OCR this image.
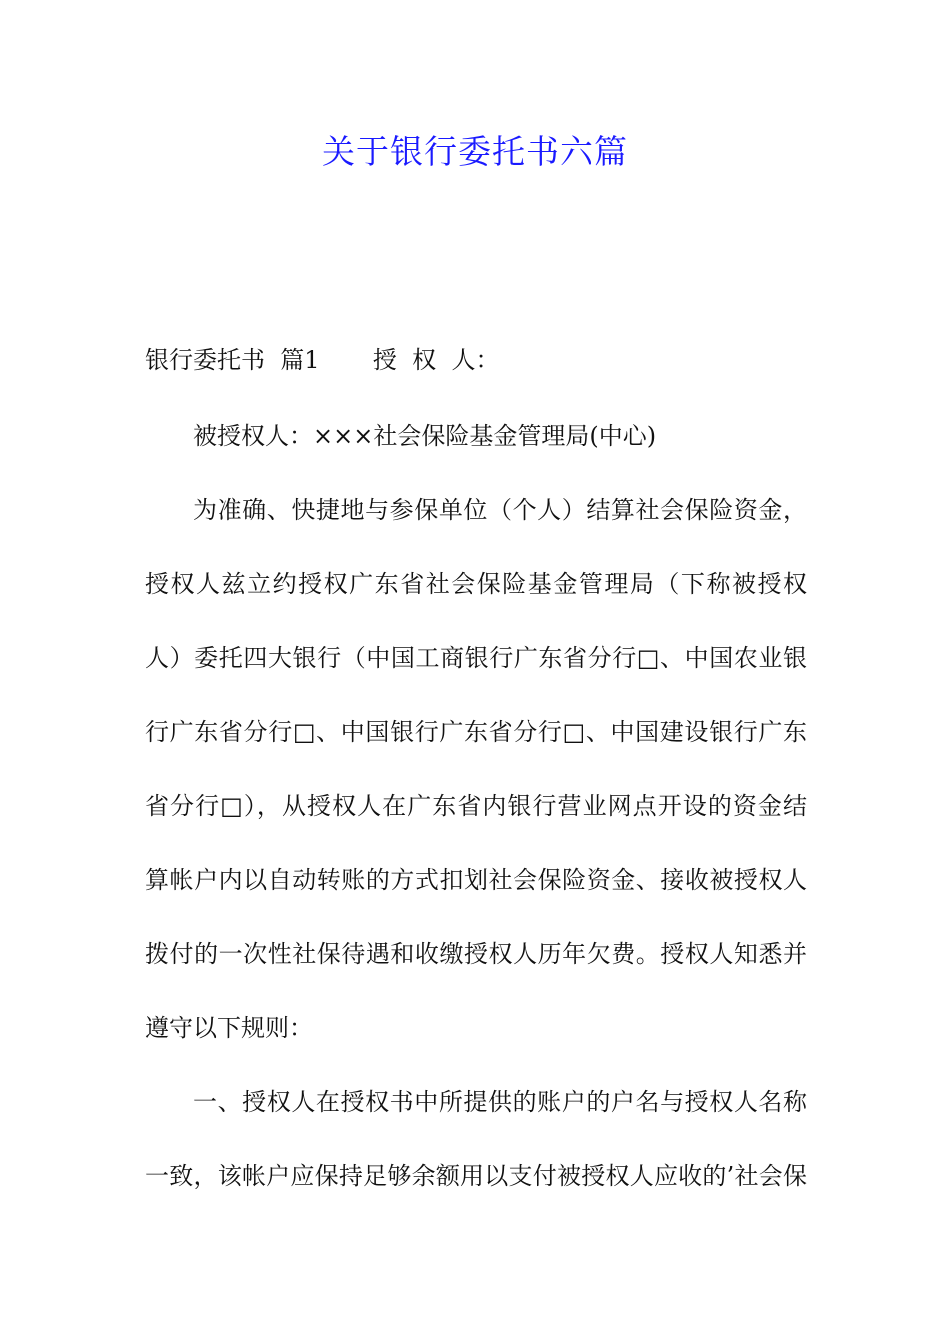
关于银行委托书六篇
银行委托书  篇1       授  权  人：
被授权人：×××社会保险基金管理局(中心)
为准确、快捷地与参保单位（个人）结算社会保险资金，
授权人兹立约授权广东省社会保险基金管理局（下称被授权
人）委托四大银行（中国工商银行广东省分行□、中国农业银
行广东省分行□、中国银行广东省分行□、中国建设银行广东
省分行□），从授权人在广东省内银行营业网点开设的资金结
算帐户内以自动转账的方式扣划社会保险资金、接收被授权人
拨付的一次性社保待遇和收缴授权人历年欠费。授权人知悉并
遵守以下规则：
一、授权人在授权书中所提供的账户的户名与授权人名称
一致，该帐户应保持足够余额用以支付被授权人应收的’社会保
